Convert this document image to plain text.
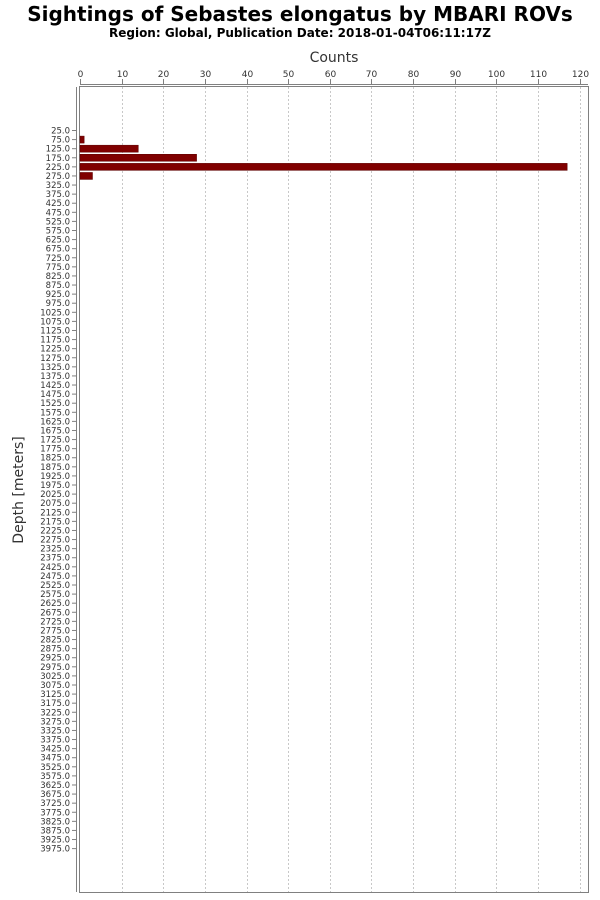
Sightings of Sebastes elongatus by MBARI ROVs
Region: Global, Publication Date: 2018-01-04T06:11:17Z
0	10	20	30	40	50	60	70	80	90	100	110	120
25.0
75.0
125.0
175.0
225.0
275.0
325.0
375.0
425.0
475.0
525.0
575.0
625.0
675.0
725.0
775.0
825.0
875.0
925.0
975.0
1025.0
1075.0
1125.0
1175.0
1225.0
1275.0
1325.0
1375.0
1425.0
1475.0
1525.0
1575.0
1625.0
1675.0
1725.0
1775.0
1825.0
1875.0
1925.0
1975.0
2025.0
2075.0
2125.0
2175.0
2225.0
2275.0
2325.0
2375.0
2425.0
2475.0
2525.0
2575.0
2625.0
2675.0
2725.0
2775.0
2825.0
2875.0
2925.0
2975.0
3025.0
3075.0
3125.0
3175.0
3225.0
3275.0
3325.0
3375.0
3425.0
3475.0
3525.0
3575.0
3625.0
3675.0
3725.0
3775.0
3825.0
3875.0
3925.0
3975.0
Counts
Depth [meters]
